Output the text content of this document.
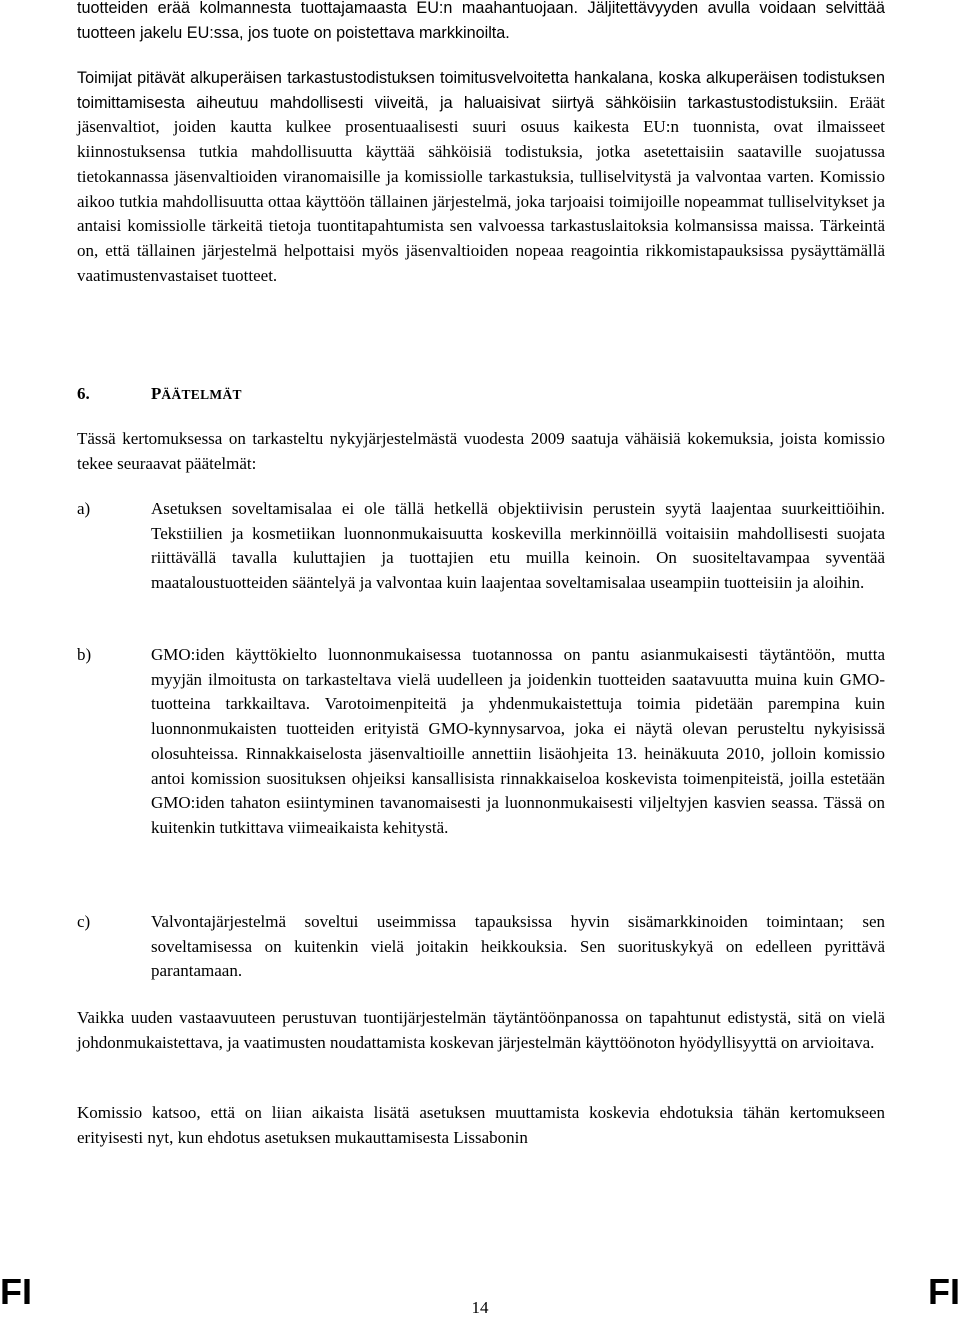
tuotteiden erää kolmannesta tuottajamaasta EU:n maahantuojaan. Jäljitettävyyden avulla voidaan selvittää tuotteen jakelu EU:ssa, jos tuote on poistettava markkinoilta.

Toimijat pitävät alkuperäisen tarkastustodistuksen toimitusvelvoitetta hankalana, koska alkuperäisen todistuksen toimittamisesta aiheutuu mahdollisesti viiveitä, ja haluaisivat siirtyä sähköisiin tarkastustodistuksiin. Eräät jäsenvaltiot, joiden kautta kulkee prosentuaalisesti suuri osuus kaikesta EU:n tuonnista, ovat ilmaisseet kiinnostuksensa tutkia mahdollisuutta käyttää sähköisiä todistuksia, jotka asetettaisiin saataville suojatussa tietokannassa jäsenvaltioiden viranomaisille ja komissiolle tarkastuksia, tulliselvitystä ja valvontaa varten. Komissio aikoo tutkia mahdollisuutta ottaa käyttöön tällainen järjestelmä, joka tarjoaisi toimijoille nopeammat tulliselvitykset ja antaisi komissiolle tärkeitä tietoja tuontitapahtumista sen valvoessa tarkastuslaitoksia kolmansissa maissa. Tärkeintä on, että tällainen järjestelmä helpottaisi myös jäsenvaltioiden nopeaa reagointia rikkomistapauksissa pysäyttämällä vaatimustenvastaiset tuotteet.

6.	PÄÄTELMÄT

Tässä kertomuksessa on tarkasteltu nykyjärjestelmästä vuodesta 2009 saatuja vähäisiä kokemuksia, joista komissio tekee seuraavat päätelmät:

a)	Asetuksen soveltamisalaa ei ole tällä hetkellä objektiivisin perustein syytä laajentaa suurkeittiöihin. Tekstiilien ja kosmetiikan luonnonmukaisuutta koskevilla merkinnöillä voitaisiin mahdollisesti suojata riittävällä tavalla kuluttajien ja tuottajien etu muilla keinoin. On suositeltavampaa syventää maataloustuotteiden sääntelyä ja valvontaa kuin laajentaa soveltamisalaa useampiin tuotteisiin ja aloihin.

b)	GMO:iden käyttökielto luonnonmukaisessa tuotannossa on pantu asianmukaisesti täytäntöön, mutta myyjän ilmoitusta on tarkasteltava vielä uudelleen ja joidenkin tuotteiden saatavuutta muina kuin GMO-tuotteina tarkkailtava. Varotoimenpiteitä ja yhdenmukaistettuja toimia pidetään parempina kuin luonnonmukaisten tuotteiden erityistä GMO-kynnysarvoa, joka ei näytä olevan perusteltu nykyisissä olosuhteissa. Rinnakkaiselosta jäsenvaltioille annettiin lisäohjeita 13. heinäkuuta 2010, jolloin komissio antoi komission suosituksen ohjeiksi kansallisista rinnakkaiseloa koskevista toimenpiteistä, joilla estetään GMO:iden tahaton esiintyminen tavanomaisesti ja luonnonmukaisesti viljeltyjen kasvien seassa. Tässä on kuitenkin tutkittava viimeaikaista kehitystä.

c)	Valvontajärjestelmä soveltui useimmissa tapauksissa hyvin sisämarkkinoiden toimintaan; sen soveltamisessa on kuitenkin vielä joitakin heikkouksia. Sen suorituskykyä on edelleen pyrittävä parantamaan.

Vaikka uuden vastaavuuteen perustuvan tuontijärjestelmän täytäntöönpanossa on tapahtunut edistystä, sitä on vielä johdonmukaistettava, ja vaatimusten noudattamista koskevan järjestelmän käyttöönoton hyödyllisyyttä on arvioitava.

Komissio katsoo, että on liian aikaista lisätä asetuksen muuttamista koskevia ehdotuksia tähän kertomukseen erityisesti nyt, kun ehdotus asetuksen mukauttamisesta Lissabonin

FI	14	FI
